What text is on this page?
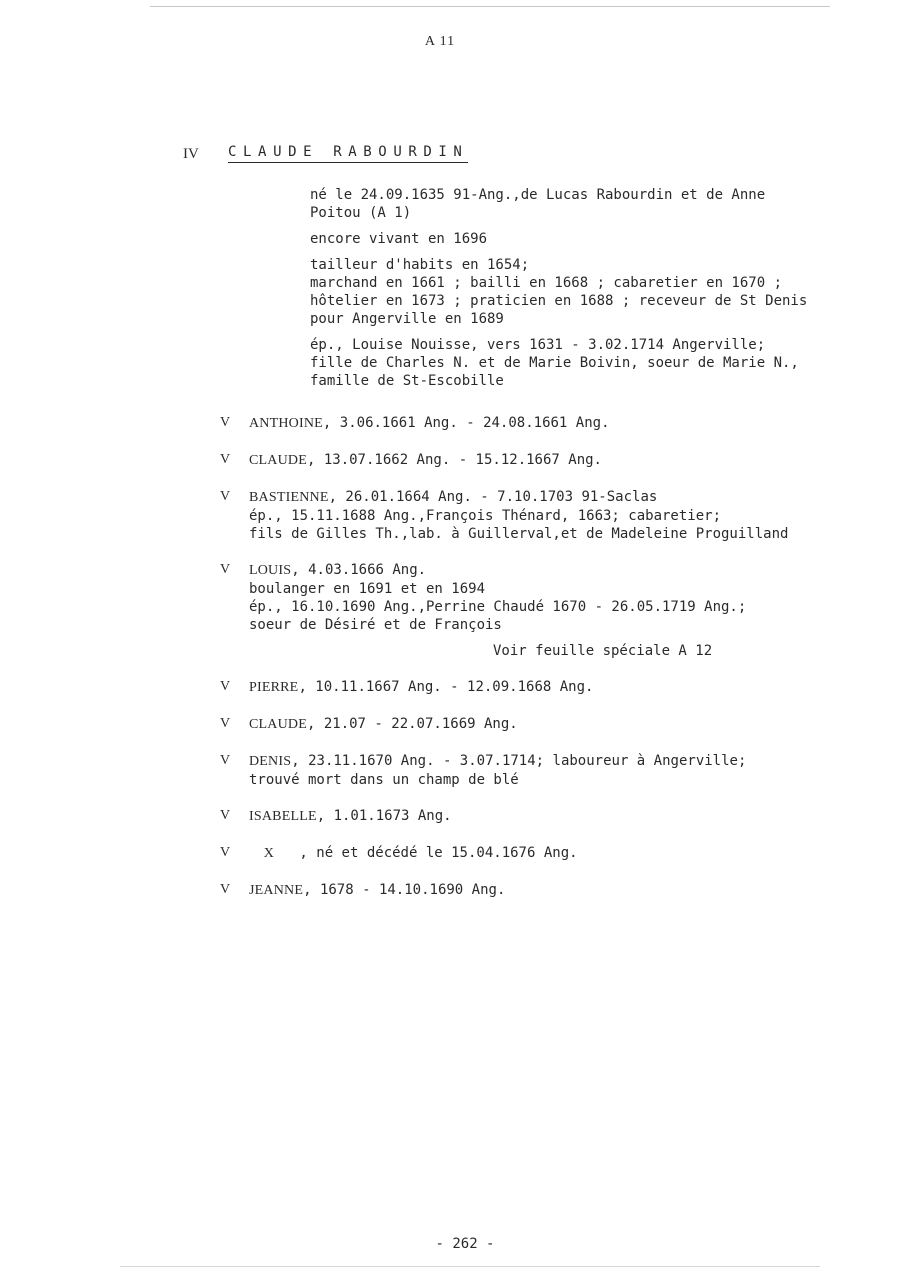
A 11
IV CLAUDE RABOURDIN

né le 24.09.1635 91-Ang.,de Lucas Rabourdin et de Anne
Poitou (A 1)

encore vivant en 1696

tailleur d'habits en 1654;
marchand en 1661 ; bailli en 1668 ; cabaretier en 1670 ;
hôtelier en 1673 ; praticien en 1688 ; receveur de St Denis
pour Angerville en 1689

ép., Louise Nouisse, vers 1631 - 3.02.1714 Angerville;
fille de Charles N. et de Marie Boivin, soeur de Marie N.,
famille de St-Escobille

V ANTHOINE, 3.06.1661 Ang. - 24.08.1661 Ang.
V CLAUDE, 13.07.1662 Ang. - 15.12.1667 Ang.
V BASTIENNE, 26.01.1664 Ang. - 7.10.1703 91-Saclas
ép., 15.11.1688 Ang.,François Thénard, 1663; cabaretier;
fils de Gilles Th.,lab. à Guillerval,et de Madeleine Proguilland
V LOUIS, 4.03.1666 Ang.
boulanger en 1691 et en 1694
ép., 16.10.1690 Ang.,Perrine Chaudé 1670 - 26.05.1719 Ang.;
soeur de Désiré et de François
Voir feuille spéciale A 12
V PIERRE, 10.11.1667 Ang. - 12.09.1668 Ang.
V CLAUDE, 21.07 - 22.07.1669 Ang.
V DENIS, 23.11.1670 Ang. - 3.07.1714; laboureur à Angerville;
trouvé mort dans un champ de blé
V ISABELLE, 1.01.1673 Ang.
V X   , né et décédé le 15.04.1676 Ang.
V JEANNE, 1678 - 14.10.1690 Ang.
- 262 -
